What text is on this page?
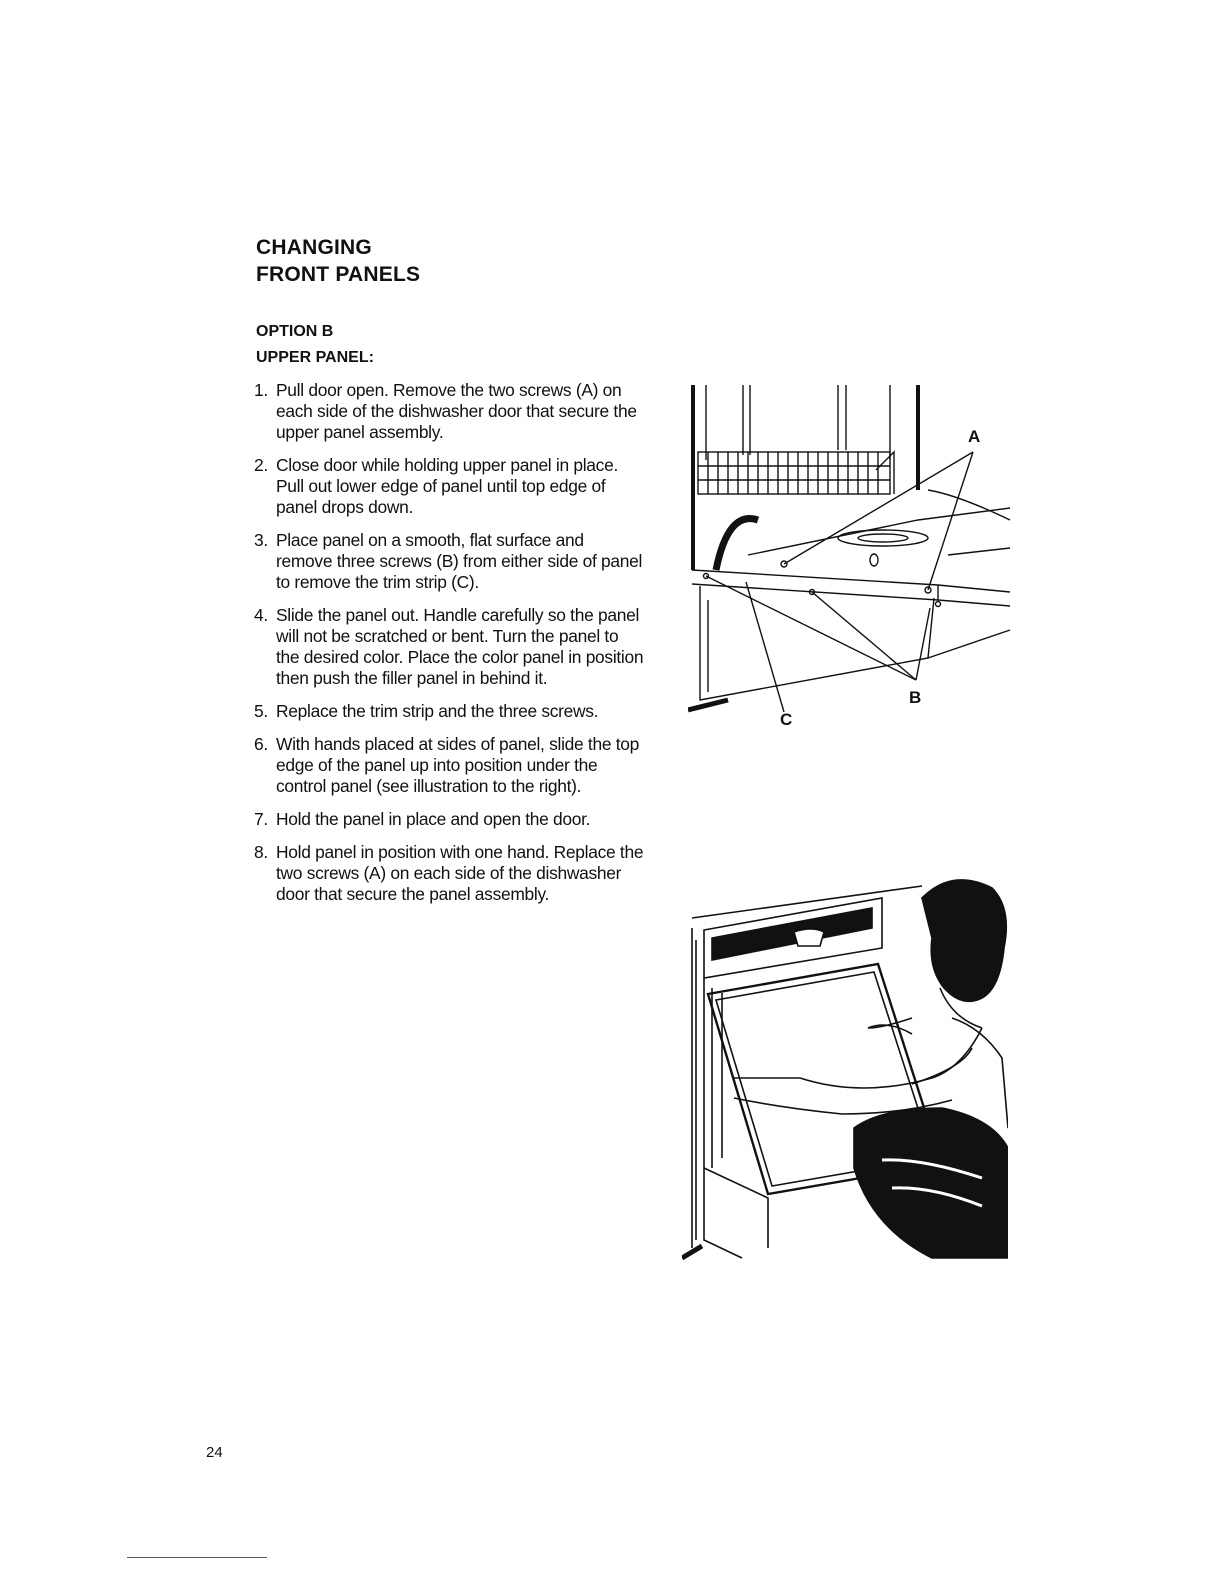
CHANGING
FRONT PANELS
OPTION B
UPPER PANEL:
1. Pull door open. Remove the two screws (A) on each side of the dishwasher door that secure the upper panel assembly.
2. Close door while holding upper panel in place. Pull out lower edge of panel until top edge of panel drops down.
3. Place panel on a smooth, flat surface and remove three screws (B) from either side of panel to remove the trim strip (C).
4. Slide the panel out. Handle carefully so the panel will not be scratched or bent. Turn the panel to the desired color. Place the color panel in position then push the filler panel in behind it.
5. Replace the trim strip and the three screws.
6. With hands placed at sides of panel, slide the top edge of the panel up into position under the control panel (see illustration to the right).
7. Hold the panel in place and open the door.
8. Hold panel in position with one hand. Replace the two screws (A) on each side of the dishwasher door that secure the panel assembly.
A
B
C
24
